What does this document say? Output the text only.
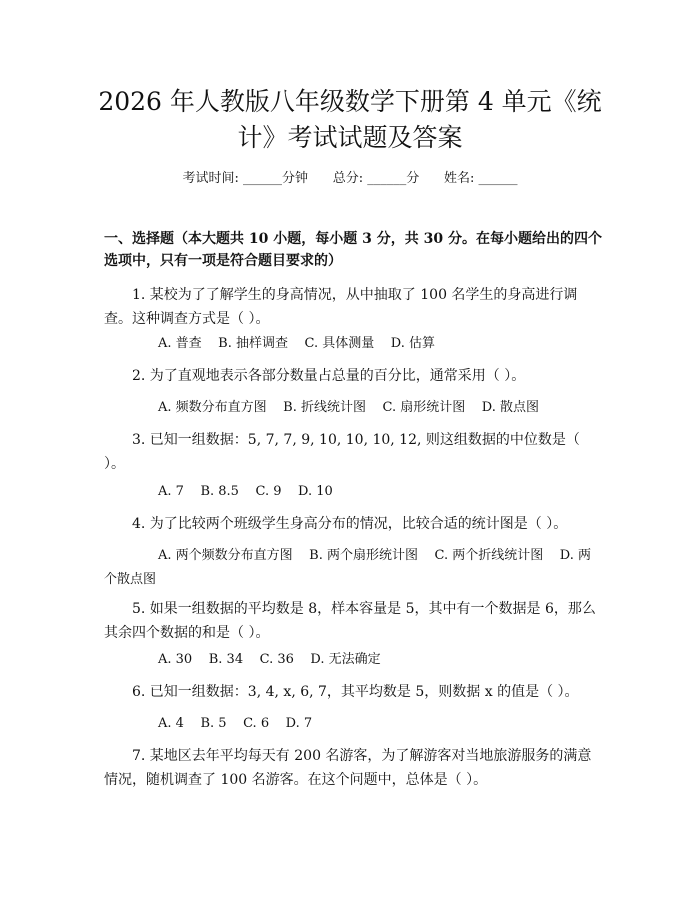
2026 年人教版八年级数学下册第 4 单元《统
计》考试试题及答案
考试时间: ______分钟      总分: ______分      姓名: ______

一、选择题（本大题共 10 小题，每小题 3 分，共 30 分。在每小题给出的四个选项中，只有一项是符合题目要求的）

1. 某校为了了解学生的身高情况，从中抽取了 100 名学生的身高进行调查。这种调查方式是（ ）。

A. 普查    B. 抽样调查    C. 具体测量    D. 估算

2. 为了直观地表示各部分数量占总量的百分比，通常采用（ ）。

A. 频数分布直方图    B. 折线统计图    C. 扇形统计图    D. 散点图

3. 已知一组数据：5, 7, 7, 9, 10, 10, 10, 12, 则这组数据的中位数是（ ）。

A. 7    B. 8.5    C. 9    D. 10

4. 为了比较两个班级学生身高分布的情况，比较合适的统计图是（ ）。

A. 两个频数分布直方图    B. 两个扇形统计图    C. 两个折线统计图    D. 两个散点图

5. 如果一组数据的平均数是 8，样本容量是 5，其中有一个数据是 6，那么其余四个数据的和是（ ）。

A. 30    B. 34    C. 36    D. 无法确定

6. 已知一组数据：3, 4, x, 6, 7，其平均数是 5，则数据 x 的值是（ ）。

A. 4    B. 5    C. 6    D. 7

7. 某地区去年平均每天有 200 名游客，为了解游客对当地旅游服务的满意情况，随机调查了 100 名游客。在这个问题中，总体是（ ）。
